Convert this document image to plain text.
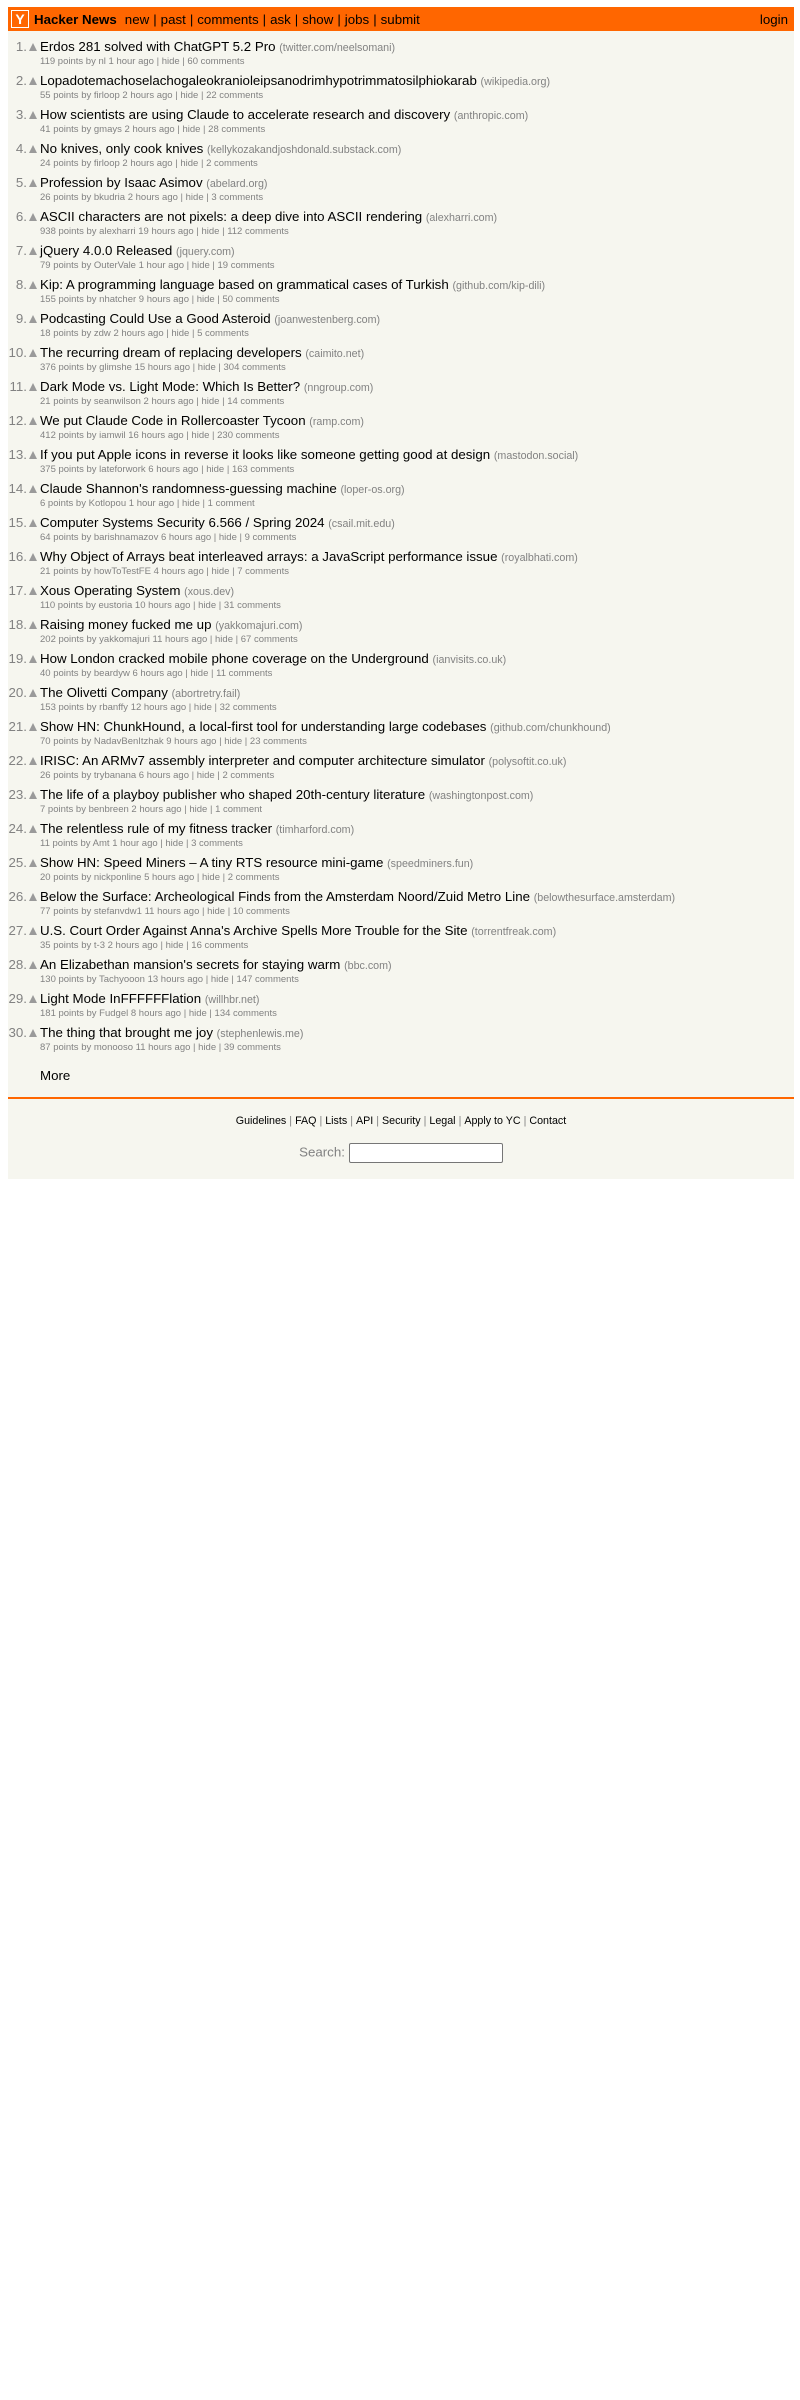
Y Hacker News new | past | comments | ask | show | jobs | submit	login
1. Erdos 281 solved with ChatGPT 5.2 Pro (twitter.com/neelsomani)
119 points by nl 1 hour ago | hide | 60 comments
2. Lopadotemachoselachogaleokranioleipsanodrimhypotrimmatosilphiokarab (wikipedia.org)
55 points by firloop 2 hours ago | hide | 22 comments
3. How scientists are using Claude to accelerate research and discovery (anthropic.com)
41 points by gmays 2 hours ago | hide | 28 comments
4. No knives, only cook knives (kellykozakandjoshdonald.substack.com)
24 points by firloop 2 hours ago | hide | 2 comments
5. Profession by Isaac Asimov (abelard.org)
26 points by bkudria 2 hours ago | hide | 3 comments
6. ASCII characters are not pixels: a deep dive into ASCII rendering (alexharri.com)
938 points by alexharri 19 hours ago | hide | 112 comments
7. jQuery 4.0.0 Released (jquery.com)
79 points by OuterVale 1 hour ago | hide | 19 comments
8. Kip: A programming language based on grammatical cases of Turkish (github.com/kip-dili)
155 points by nhatcher 9 hours ago | hide | 50 comments
9. Podcasting Could Use a Good Asteroid (joanwestenberg.com)
18 points by zdw 2 hours ago | hide | 5 comments
10. The recurring dream of replacing developers (caimito.net)
376 points by glimshe 15 hours ago | hide | 304 comments
11. Dark Mode vs. Light Mode: Which Is Better? (nngroup.com)
21 points by seanwilson 2 hours ago | hide | 14 comments
12. We put Claude Code in Rollercoaster Tycoon (ramp.com)
412 points by iamwil 16 hours ago | hide | 230 comments
13. If you put Apple icons in reverse it looks like someone getting good at design (mastodon.social)
375 points by lateforwork 6 hours ago | hide | 163 comments
14. Claude Shannon's randomness-guessing machine (loper-os.org)
6 points by Kotlopou 1 hour ago | hide | 1 comment
15. Computer Systems Security 6.566 / Spring 2024 (csail.mit.edu)
64 points by barishnamazov 6 hours ago | hide | 9 comments
16. Why Object of Arrays beat interleaved arrays: a JavaScript performance issue (royalbhati.com)
21 points by howToTestFE 4 hours ago | hide | 7 comments
17. Xous Operating System (xous.dev)
110 points by eustoria 10 hours ago | hide | 31 comments
18. Raising money fucked me up (yakkomajuri.com)
202 points by yakkomajuri 11 hours ago | hide | 67 comments
19. How London cracked mobile phone coverage on the Underground (ianvisits.co.uk)
40 points by beardyw 6 hours ago | hide | 11 comments
20. The Olivetti Company (abortretry.fail)
153 points by rbanffy 12 hours ago | hide | 32 comments
21. Show HN: ChunkHound, a local-first tool for understanding large codebases (github.com/chunkhound)
70 points by NadavBenItzhak 9 hours ago | hide | 23 comments
22. IRISC: An ARMv7 assembly interpreter and computer architecture simulator (polysoftit.co.uk)
26 points by trybanana 6 hours ago | hide | 2 comments
23. The life of a playboy publisher who shaped 20th-century literature (washingtonpost.com)
7 points by benbreen 2 hours ago | hide | 1 comment
24. The relentless rule of my fitness tracker (timharford.com)
11 points by Amt 1 hour ago | hide | 3 comments
25. Show HN: Speed Miners – A tiny RTS resource mini-game (speedminers.fun)
20 points by nickponline 5 hours ago | hide | 2 comments
26. Below the Surface: Archeological Finds from the Amsterdam Noord/Zuid Metro Line (belowthesurface.amsterdam)
77 points by stefanvdw1 11 hours ago | hide | 10 comments
27. U.S. Court Order Against Anna's Archive Spells More Trouble for the Site (torrentfreak.com)
35 points by t-3 2 hours ago | hide | 16 comments
28. An Elizabethan mansion's secrets for staying warm (bbc.com)
130 points by Tachyooon 13 hours ago | hide | 147 comments
29. Light Mode InFFFFFFlation (willhbr.net)
181 points by Fudgel 8 hours ago | hide | 134 comments
30. The thing that brought me joy (stephenlewis.me)
87 points by monooso 11 hours ago | hide | 39 comments
More
Guidelines | FAQ | Lists | API | Security | Legal | Apply to YC | Contact
Search:
